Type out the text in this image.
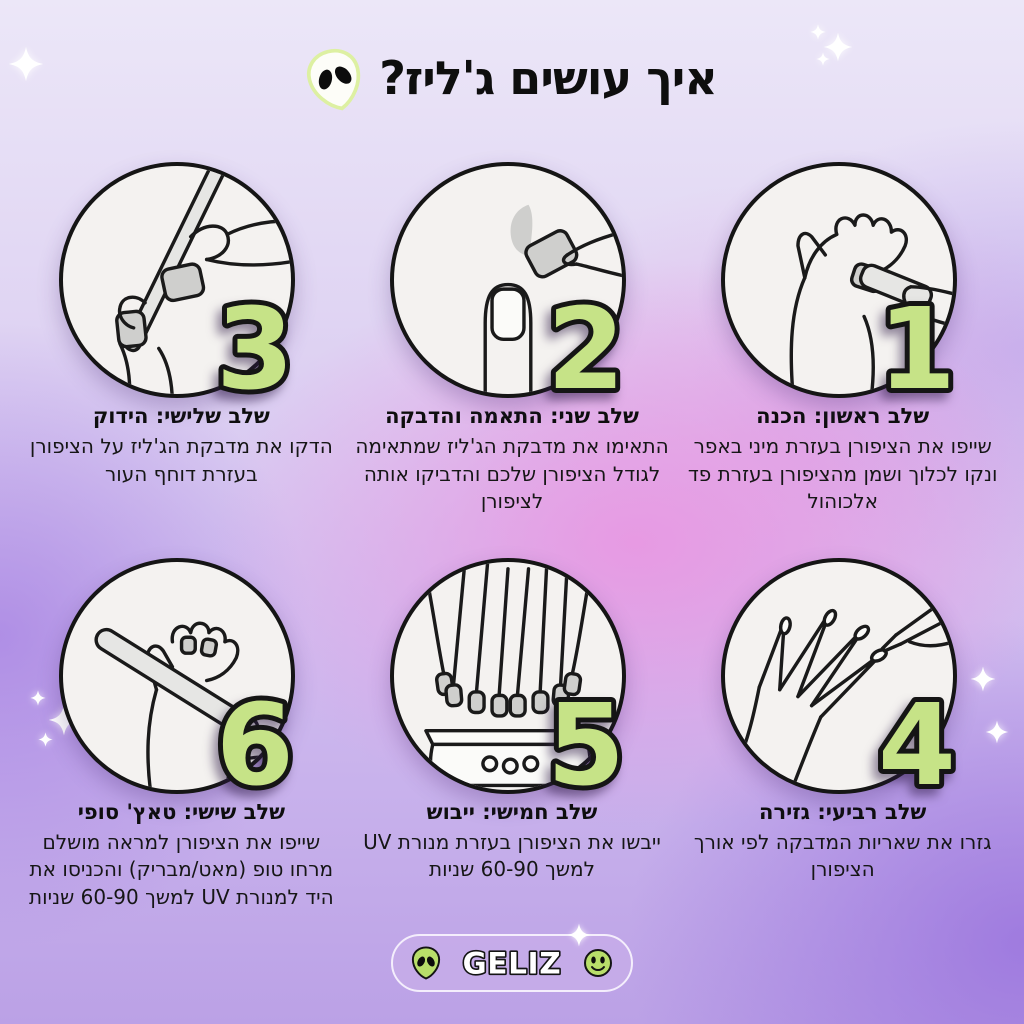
איך עושים ג'ליז?
1
שלב ראשון: הכנה
שייפו את הציפורן בעזרת מיני באפר ונקו לכלוך ושמן מהציפורן בעזרת פד אלכוהול
2
שלב שני: התאמה והדבקה
התאימו את מדבקת הג'ליז שמתאימה לגודל הציפורן שלכם והדביקו אותה לציפורן
3
שלב שלישי: הידוק
הדקו את מדבקת הג'ליז על הציפורן בעזרת דוחף העור
4
שלב רביעי: גזירה
גזרו את שאריות המדבקה לפי אורך הציפורן
5
שלב חמישי: ייבוש
ייבשו את הציפורן בעזרת מנורת UV למשך 60-90 שניות
6
שלב שישי: טאץ' סופי
שייפו את הציפורן למראה מושלם מרחו טופ (מאט/מבריק) והכניסו את היד למנורת UV למשך 60-90 שניות
GELIZ
